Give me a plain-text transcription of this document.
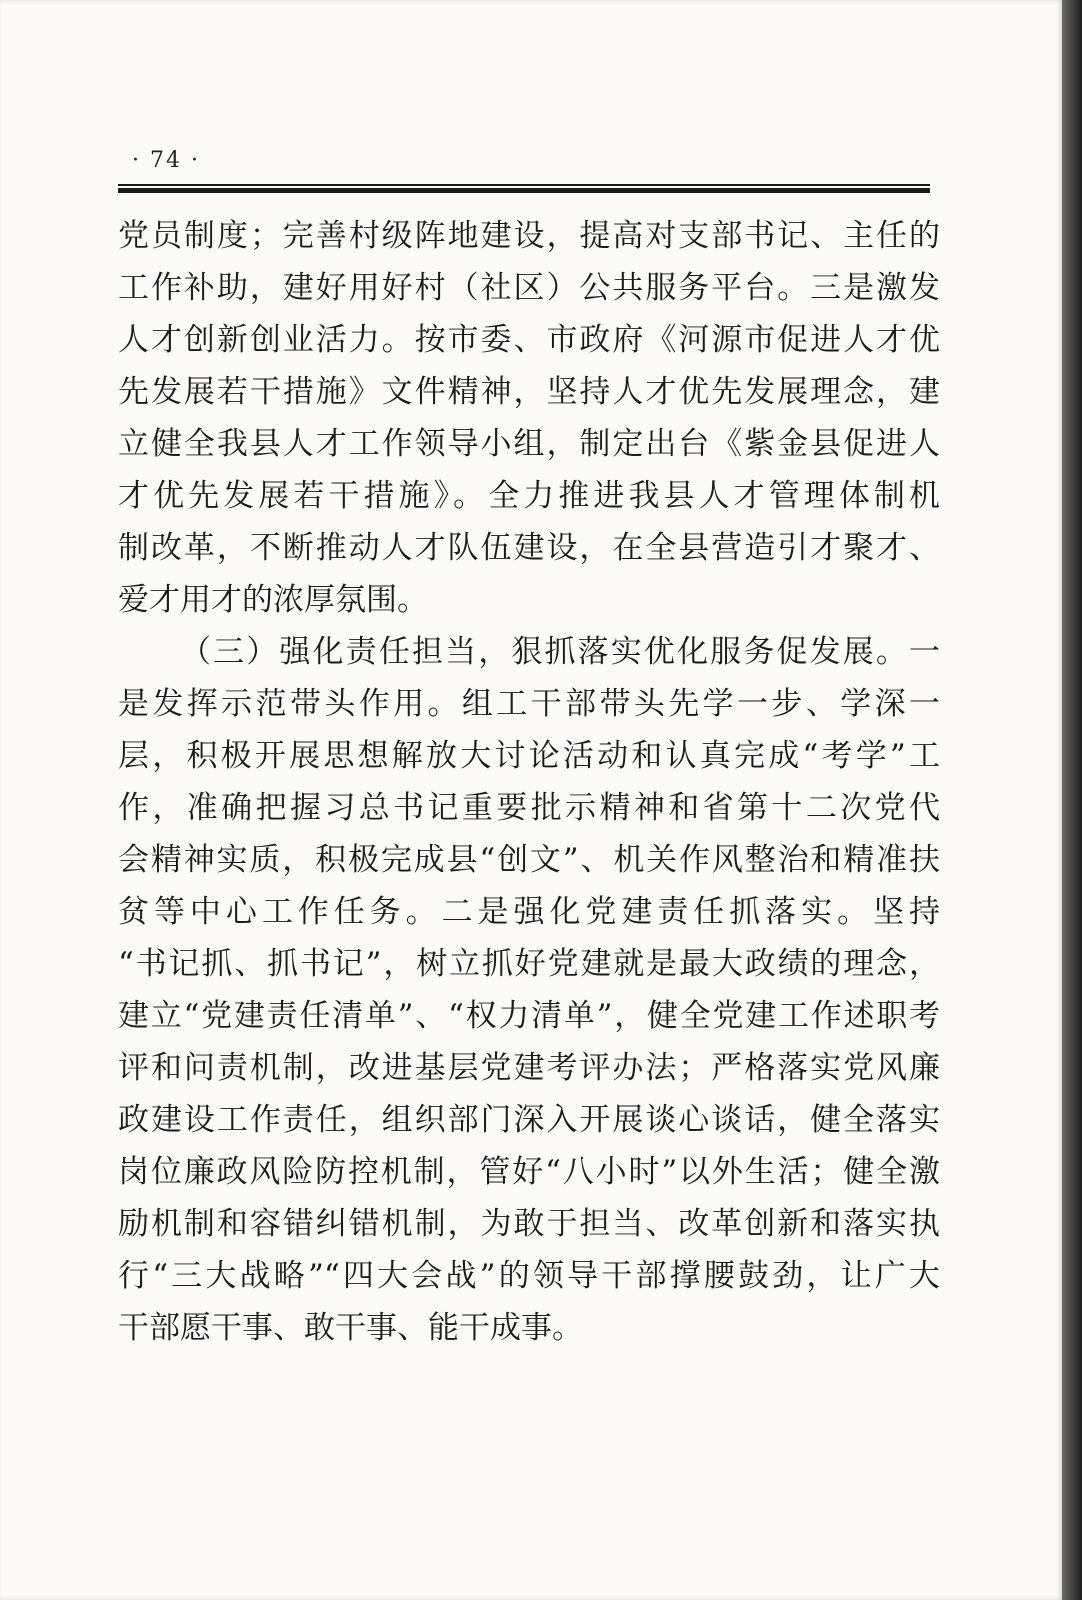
· 74 ·
党员制度；完善村级阵地建设，提高对支部书记、主任的
工作补助，建好用好村（社区）公共服务平台。三是激发
人才创新创业活力。按市委、市政府《河源市促进人才优
先发展若干措施》文件精神，坚持人才优先发展理念，建
立健全我县人才工作领导小组，制定出台《紫金县促进人
才优先发展若干措施》。全力推进我县人才管理体制机
制改革，不断推动人才队伍建设，在全县营造引才聚才、
爱才用才的浓厚氛围。
（三）强化责任担当，狠抓落实优化服务促发展。一
是发挥示范带头作用。组工干部带头先学一步、学深一
层，积极开展思想解放大讨论活动和认真完成“考学”工
作，准确把握习总书记重要批示精神和省第十二次党代
会精神实质，积极完成县“创文”、机关作风整治和精准扶
贫等中心工作任务。二是强化党建责任抓落实。坚持
“书记抓、抓书记”，树立抓好党建就是最大政绩的理念，
建立“党建责任清单”、“权力清单”，健全党建工作述职考
评和问责机制，改进基层党建考评办法；严格落实党风廉
政建设工作责任，组织部门深入开展谈心谈话，健全落实
岗位廉政风险防控机制，管好“八小时”以外生活；健全激
励机制和容错纠错机制，为敢于担当、改革创新和落实执
行“三大战略”“四大会战”的领导干部撑腰鼓劲，让广大
干部愿干事、敢干事、能干成事。
